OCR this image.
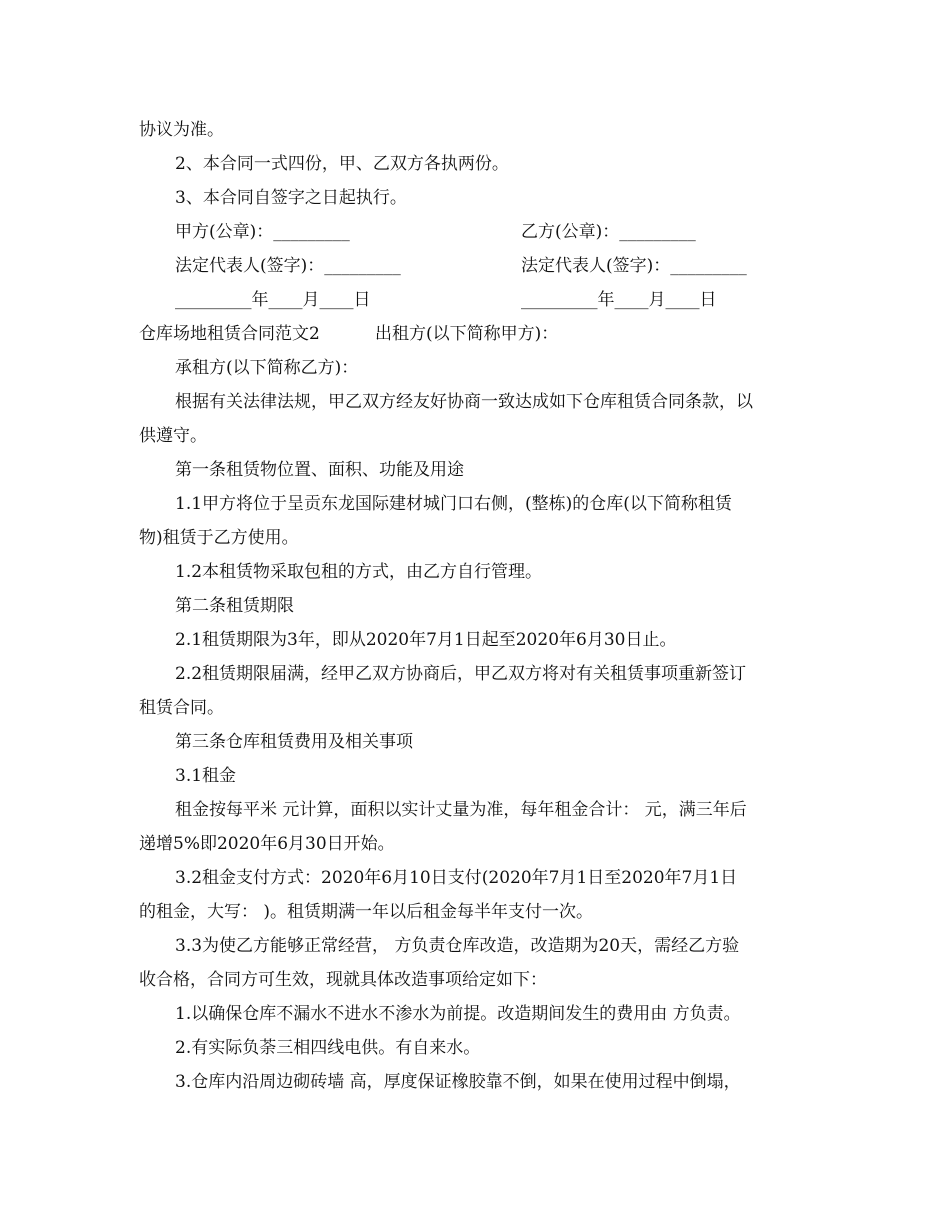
协议为准。
2、本合同一式四份，甲、乙双方各执两份。
3、本合同自签字之日起执行。
甲方(公章)：_________	乙方(公章)：_________
法定代表人(签字)：_________	法定代表人(签字)：_________
_________年____月____日	_________年____月____日
仓库场地租赁合同范文2	出租方(以下简称甲方)：
承租方(以下简称乙方)：
根据有关法律法规，甲乙双方经友好协商一致达成如下仓库租赁合同条款，以
供遵守。
第一条租赁物位置、面积、功能及用途
1.1甲方将位于呈贡东龙国际建材城门口右侧，(整栋)的仓库(以下简称租赁
物)租赁于乙方使用。
1.2本租赁物采取包租的方式，由乙方自行管理。
第二条租赁期限
2.1租赁期限为3年，即从2020年7月1日起至2020年6月30日止。
2.2租赁期限届满，经甲乙双方协商后，甲乙双方将对有关租赁事项重新签订
租赁合同。
第三条仓库租赁费用及相关事项
3.1租金
租金按每平米 元计算，面积以实计丈量为准，每年租金合计： 元，满三年后
递增5%即2020年6月30日开始。
3.2租金支付方式：2020年6月10日支付(2020年7月1日至2020年7月1日
的租金，大写： )。租赁期满一年以后租金每半年支付一次。
3.3为使乙方能够正常经营， 方负责仓库改造，改造期为20天，需经乙方验
收合格，合同方可生效，现就具体改造事项给定如下：
1.以确保仓库不漏水不进水不渗水为前提。改造期间发生的费用由 方负责。
2.有实际负荼三相四线电供。有自来水。
3.仓库内沿周边砌砖墙 高，厚度保证橡胶靠不倒，如果在使用过程中倒塌，
